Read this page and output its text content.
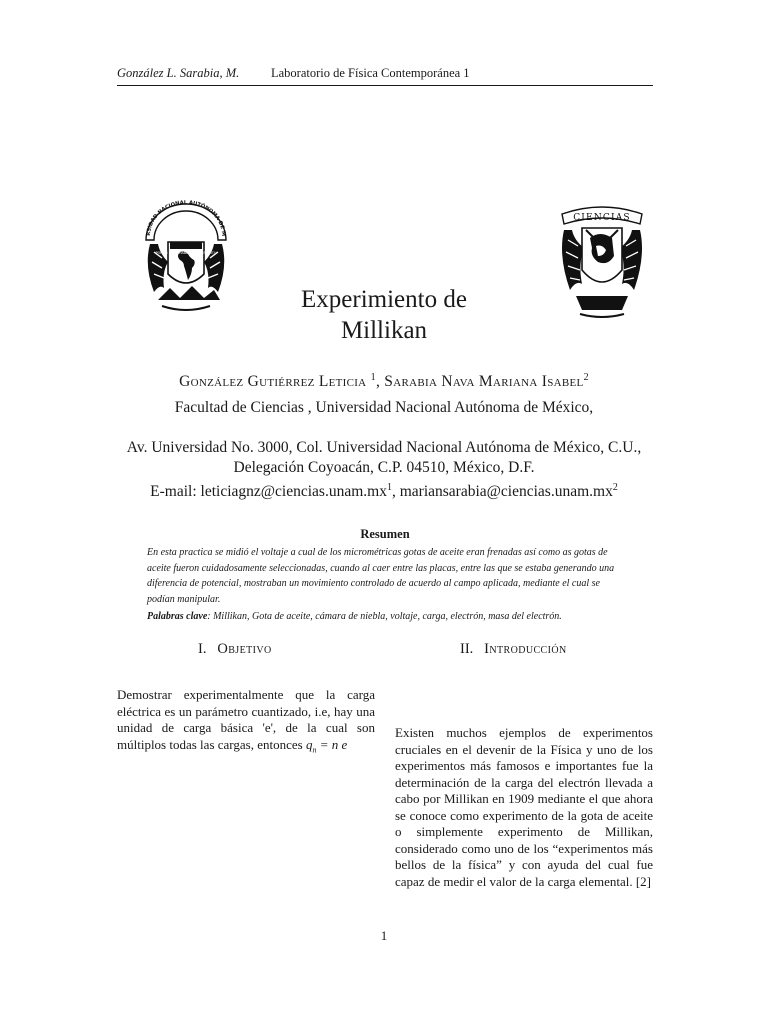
González L. Sarabia, M.	Laboratorio de Física Contemporánea 1
RSIDAD NACIONAL AUTÓNOMA DE M
POR MI RAZA HABLARÁ EL ESPÍRITU
CIENCIAS
Experimiento de
Millikan
González Gutiérrez Leticia $^1$, Sarabia Nava Mariana Isabel$^2$
Facultad de Ciencias , Universidad Nacional Autónoma de México,
Av. Universidad No. 3000, Col. Universidad Nacional Autónoma de México, C.U.,
Delegación Coyoacán, C.P. 04510, México, D.F.
E-mail: $leticiagnz@ciencias.unam.mx^1$, $mariansarabia@ciencias.unam.mx^2$
Resumen
En esta practica se midió el voltaje a cual de los micrométricas gotas de aceite eran frenadas así como as gotas de aceite fueron cuidadosamente seleccionadas, cuando al caer entre las placas, entre las que se estaba generando una diferencia de potencial, mostraban un movimiento controlado de acuerdo al campo aplicada, mediante el cual se podían manipular.
Palabras clave: Millikan, Gota de aceite, cámara de niebla, voltaje, carga, electrón, masa del electrón.
I. Objetivo	II. Introducción
Demostrar experimentalmente que la carga eléctrica es un parámetro cuantizado, i.e, hay una unidad de carga básica 'e', de la cual son múltiplos todas las cargas, entonces $q_n = n$ e
Existen muchos ejemplos de experimentos cruciales en el devenir de la Física y uno de los experimentos más famosos e importantes fue la determinación de la carga del electrón llevada a cabo por Millikan en 1909 mediante el que ahora se conoce como experimento de la gota de aceite o simplemente experimento de Millikan, considerado como uno de los “experimentos más bellos de la física” y con ayuda del cual fue capaz de medir el valor de la carga elemental. [2]
1
